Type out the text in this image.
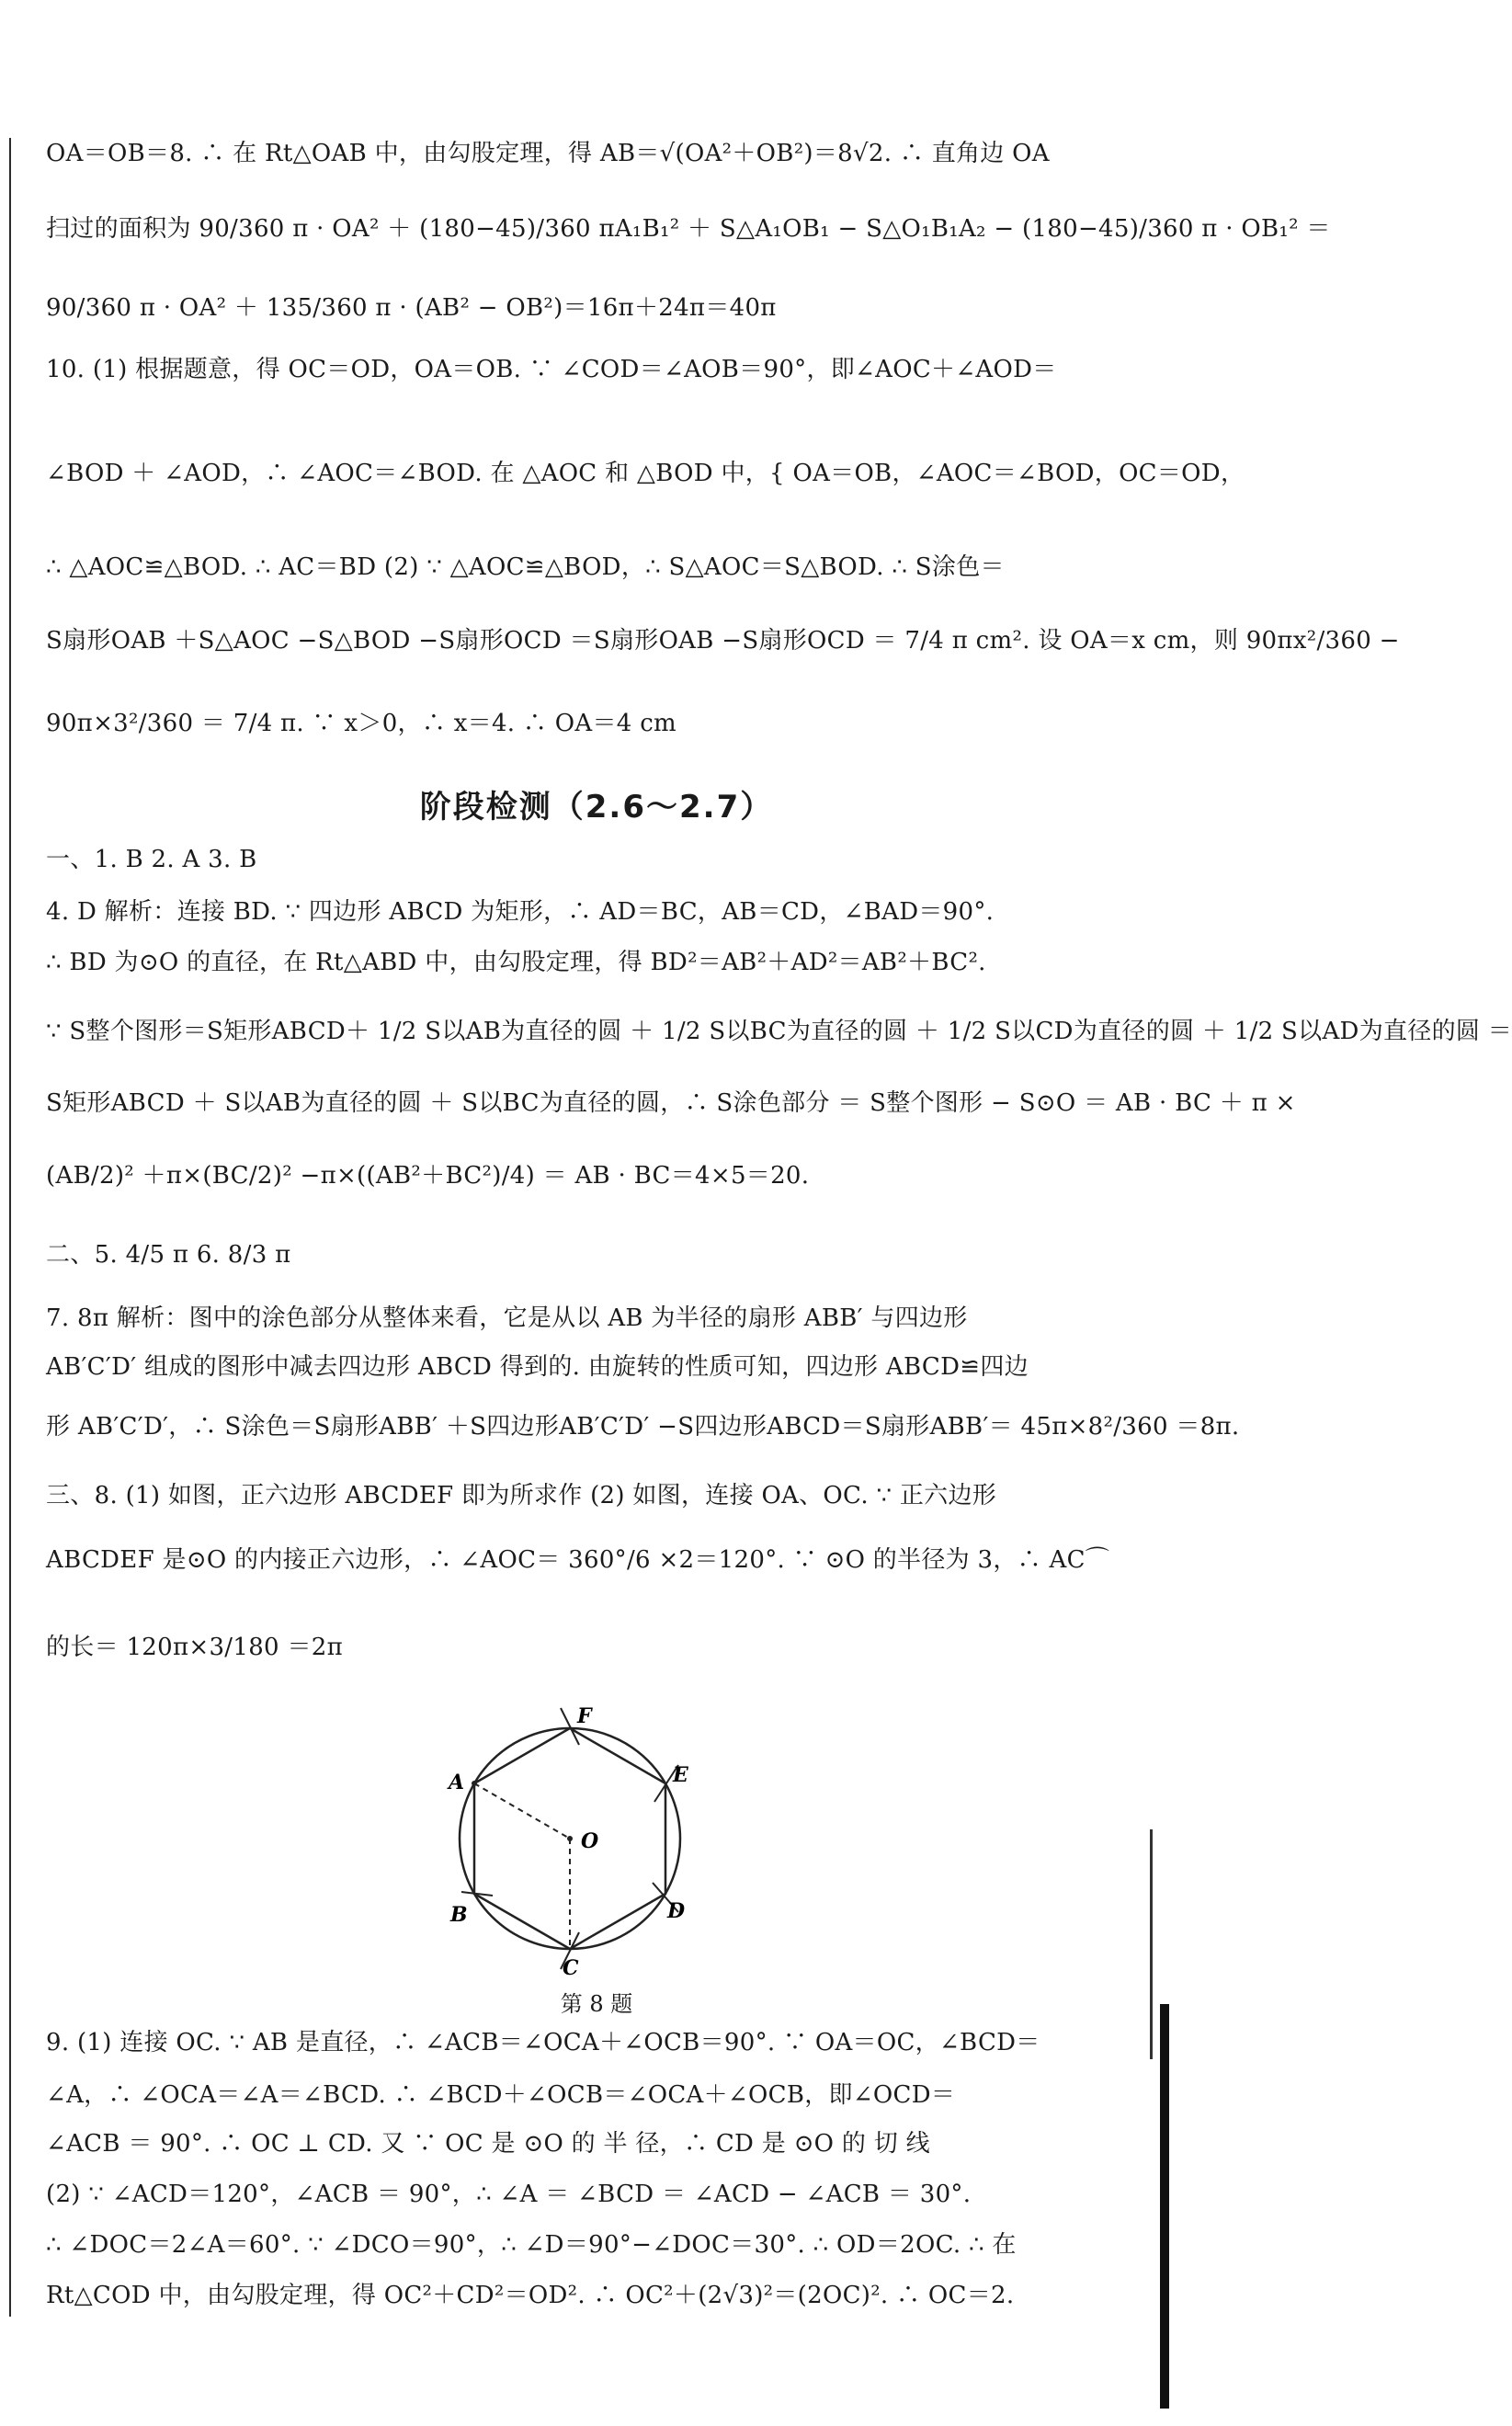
OA＝OB＝8. ∴ 在 Rt△OAB 中，由勾股定理，得 AB＝√(OA²＋OB²)＝8√2. ∴ 直角边 OA
扫过的面积为 90/360 π · OA² ＋ (180−45)/360 πA₁B₁² ＋ S△A₁OB₁ − S△O₁B₁A₂ − (180−45)/360 π · OB₁² ＝
90/360 π · OA² ＋ 135/360 π · (AB² − OB²)＝16π＋24π＝40π
10. (1) 根据题意，得 OC＝OD，OA＝OB. ∵ ∠COD＝∠AOB＝90°，即∠AOC＋∠AOD＝
∠BOD ＋ ∠AOD，∴ ∠AOC＝∠BOD. 在 △AOC 和 △BOD 中，{ OA＝OB，∠AOC＝∠BOD，OC＝OD，
∴ △AOC≌△BOD. ∴ AC＝BD (2) ∵ △AOC≌△BOD，∴ S△AOC＝S△BOD. ∴ S涂色＝
S扇形OAB ＋S△AOC −S△BOD −S扇形OCD ＝S扇形OAB −S扇形OCD ＝ 7/4 π cm². 设 OA＝x cm，则 90πx²/360 −
90π×3²/360 ＝ 7/4 π. ∵ x＞0，∴ x＝4. ∴ OA＝4 cm
阶段检测（2.6～2.7）
一、1. B 2. A 3. B
4. D 解析：连接 BD. ∵ 四边形 ABCD 为矩形，∴ AD＝BC，AB＝CD，∠BAD＝90°.
∴ BD 为⊙O 的直径，在 Rt△ABD 中，由勾股定理，得 BD²＝AB²＋AD²＝AB²＋BC².
∵ S整个图形＝S矩形ABCD＋ 1/2 S以AB为直径的圆 ＋ 1/2 S以BC为直径的圆 ＋ 1/2 S以CD为直径的圆 ＋ 1/2 S以AD为直径的圆 ＝
S矩形ABCD ＋ S以AB为直径的圆 ＋ S以BC为直径的圆，∴ S涂色部分 ＝ S整个图形 − S⊙O ＝ AB · BC ＋ π ×
(AB/2)² ＋π×(BC/2)² −π×((AB²＋BC²)/4) ＝ AB · BC＝4×5＝20.
二、5. 4/5 π 6. 8/3 π
7. 8π 解析：图中的涂色部分从整体来看，它是从以 AB 为半径的扇形 ABB′ 与四边形
AB′C′D′ 组成的图形中减去四边形 ABCD 得到的. 由旋转的性质可知，四边形 ABCD≌四边
形 AB′C′D′，∴ S涂色＝S扇形ABB′ ＋S四边形AB′C′D′ −S四边形ABCD＝S扇形ABB′＝ 45π×8²/360 ＝8π.
三、8. (1) 如图，正六边形 ABCDEF 即为所求作 (2) 如图，连接 OA、OC. ∵ 正六边形
ABCDEF 是⊙O 的内接正六边形，∴ ∠AOC＝ 360°/6 ×2＝120°. ∵ ⊙O 的半径为 3，∴ AC⌒
的长＝ 120π×3/180 ＝2π
F
E
D
C
B
A
O
第 8 题
9. (1) 连接 OC. ∵ AB 是直径，∴ ∠ACB＝∠OCA＋∠OCB＝90°. ∵ OA＝OC，∠BCD＝
∠A，∴ ∠OCA＝∠A＝∠BCD. ∴ ∠BCD＋∠OCB＝∠OCA＋∠OCB，即∠OCD＝
∠ACB ＝ 90°. ∴ OC ⊥ CD. 又 ∵ OC 是 ⊙O 的 半 径，∴ CD 是 ⊙O 的 切 线
(2) ∵ ∠ACD＝120°，∠ACB ＝ 90°，∴ ∠A ＝ ∠BCD ＝ ∠ACD − ∠ACB ＝ 30°.
∴ ∠DOC＝2∠A＝60°. ∵ ∠DCO＝90°，∴ ∠D＝90°−∠DOC＝30°. ∴ OD＝2OC. ∴ 在
Rt△COD 中，由勾股定理，得 OC²＋CD²＝OD². ∴ OC²＋(2√3)²＝(2OC)². ∴ OC＝2.
